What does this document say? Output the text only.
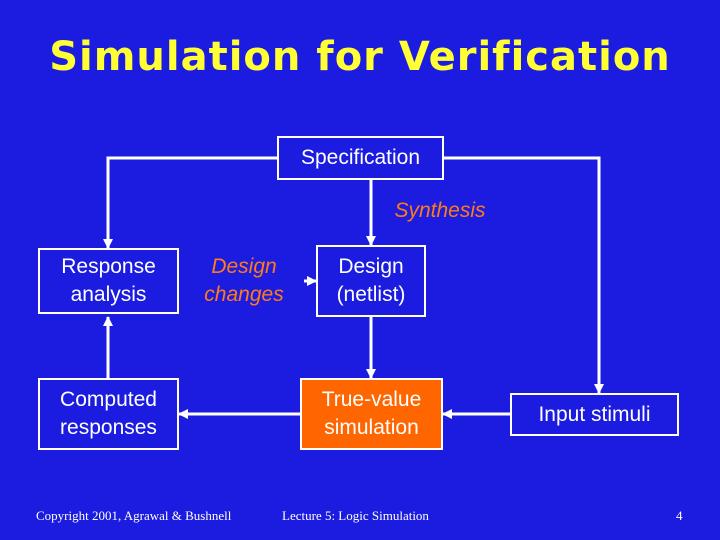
Simulation for Verification
Specification
Synthesis
Response analysis
Design changes
Design (netlist)
Computed responses
True-value simulation
Input stimuli
Copyright 2001, Agrawal & Bushnell	Lecture 5: Logic Simulation	4
